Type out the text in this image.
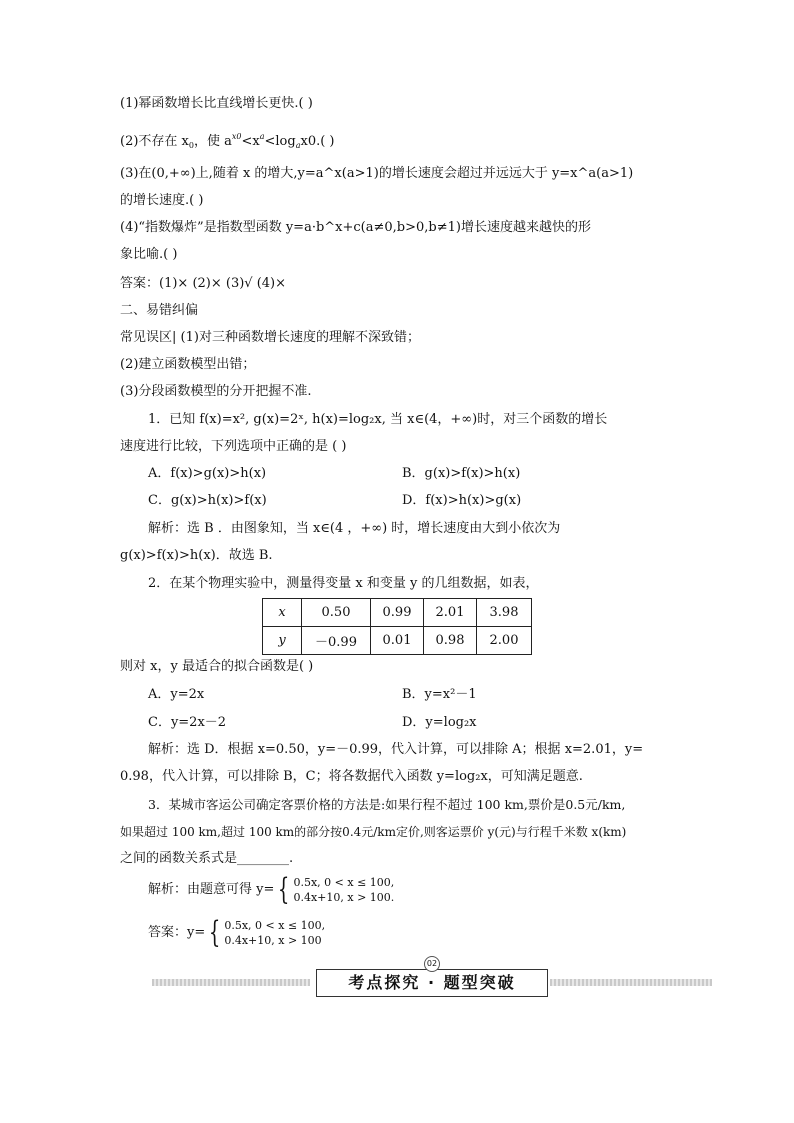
(1)幂函数增长比直线增长更快.( )
(2)不存在 $x_0$，使 $a^{x0}<x^a<\log_ax0$.( )
(3)在(0,+∞)上,随着 x 的增大,y=a^x(a>1)的增长速度会超过并远远大于 y=x^a(a>1)
的增长速度.( )
(4)“指数爆炸”是指数型函数 y=a·b^x+c(a≠0,b>0,b≠1)增长速度越来越快的形
象比喻.( )
答案：(1)× (2)× (3)√ (4)×
二、易错纠偏
常见误区| (1)对三种函数增长速度的理解不深致错；
(2)建立函数模型出错；
(3)分段函数模型的分开把握不准.
1．已知 f(x)=x², g(x)=2ˣ, h(x)=log₂x, 当 x∈(4，+∞)时，对三个函数的增长
速度进行比较，下列选项中正确的是 ( )
A．f(x)>g(x)>h(x)	B．g(x)>f(x)>h(x)
C．g(x)>h(x)>f(x)	D．f(x)>h(x)>g(x)
解析：选 B ．由图象知，当 x∈(4 ，+∞) 时，增长速度由大到小依次为
g(x)>f(x)>h(x)．故选 B.
2．在某个物理实验中，测量得变量 x 和变量 y 的几组数据，如表，
x	0.50	0.99	2.01	3.98
y	－0.99	0.01	0.98	2.00
则对 x，y 最适合的拟合函数是( )
A．y=2x	B．y=x²－1
C．y=2x－2	D．y=log₂x
解析：选 D．根据 x=0.50，y=－0.99，代入计算，可以排除 A；根据 x=2.01，y=
0.98，代入计算，可以排除 B，C；将各数据代入函数 y=log₂x，可知满足题意.
3．某城市客运公司确定客票价格的方法是:如果行程不超过 100 km,票价是0.5元/km,
如果超过 100 km,超过 100 km的部分按0.4元/km定价,则客运票价 y(元)与行程千米数 x(km)
之间的函数关系式是________.
解析：由题意可得 y= { 0.5x, 0 < x ≤ 100,
0.4x+10, x > 100.
答案：y= { 0.5x, 0 < x ≤ 100,
0.4x+10, x > 100
考点探究 · 题型突破
02
